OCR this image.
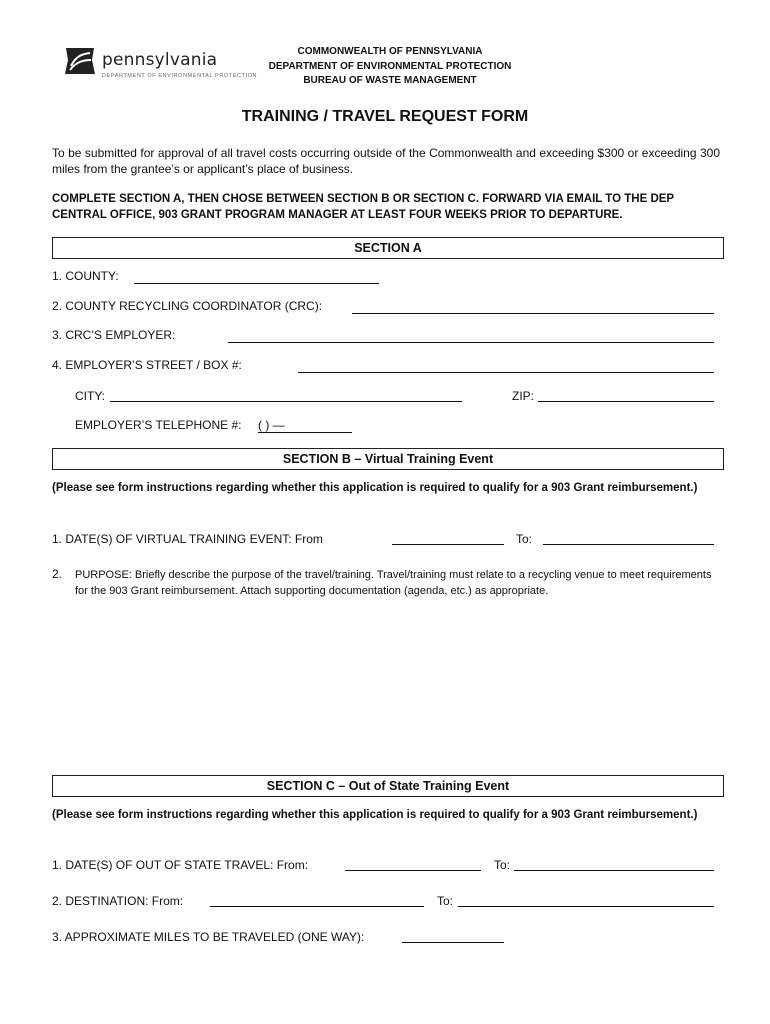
pennsylvania
DEPARTMENT OF ENVIRONMENTAL PROTECTION
COMMONWEALTH OF PENNSYLVANIA
DEPARTMENT OF ENVIRONMENTAL PROTECTION
BUREAU OF WASTE MANAGEMENT
TRAINING / TRAVEL REQUEST FORM
To be submitted for approval of all travel costs occurring outside of the Commonwealth and exceeding $300 or exceeding 300 miles from the grantee’s or applicant’s place of business.
COMPLETE SECTION A, THEN CHOSE BETWEEN SECTION B OR SECTION C. FORWARD VIA EMAIL TO THE DEP CENTRAL OFFICE, 903 GRANT PROGRAM MANAGER AT LEAST FOUR WEEKS PRIOR TO DEPARTURE.
SECTION A
1. COUNTY:
2. COUNTY RECYCLING COORDINATOR (CRC):
3. CRC’S EMPLOYER:
4. EMPLOYER’S STREET / BOX #:
CITY:	ZIP:
EMPLOYER’S TELEPHONE #: ( ) —
SECTION B – Virtual Training Event
(Please see form instructions regarding whether this application is required to qualify for a 903 Grant reimbursement.)
1. DATE(S) OF VIRTUAL TRAINING EVENT: From	To:
2. PURPOSE: Briefly describe the purpose of the travel/training. Travel/training must relate to a recycling venue to meet requirements for the 903 Grant reimbursement. Attach supporting documentation (agenda, etc.) as appropriate.
SECTION C – Out of State Training Event
(Please see form instructions regarding whether this application is required to qualify for a 903 Grant reimbursement.)
1. DATE(S) OF OUT OF STATE TRAVEL: From:	To:
2. DESTINATION: From:	To:
3. APPROXIMATE MILES TO BE TRAVELED (ONE WAY):
